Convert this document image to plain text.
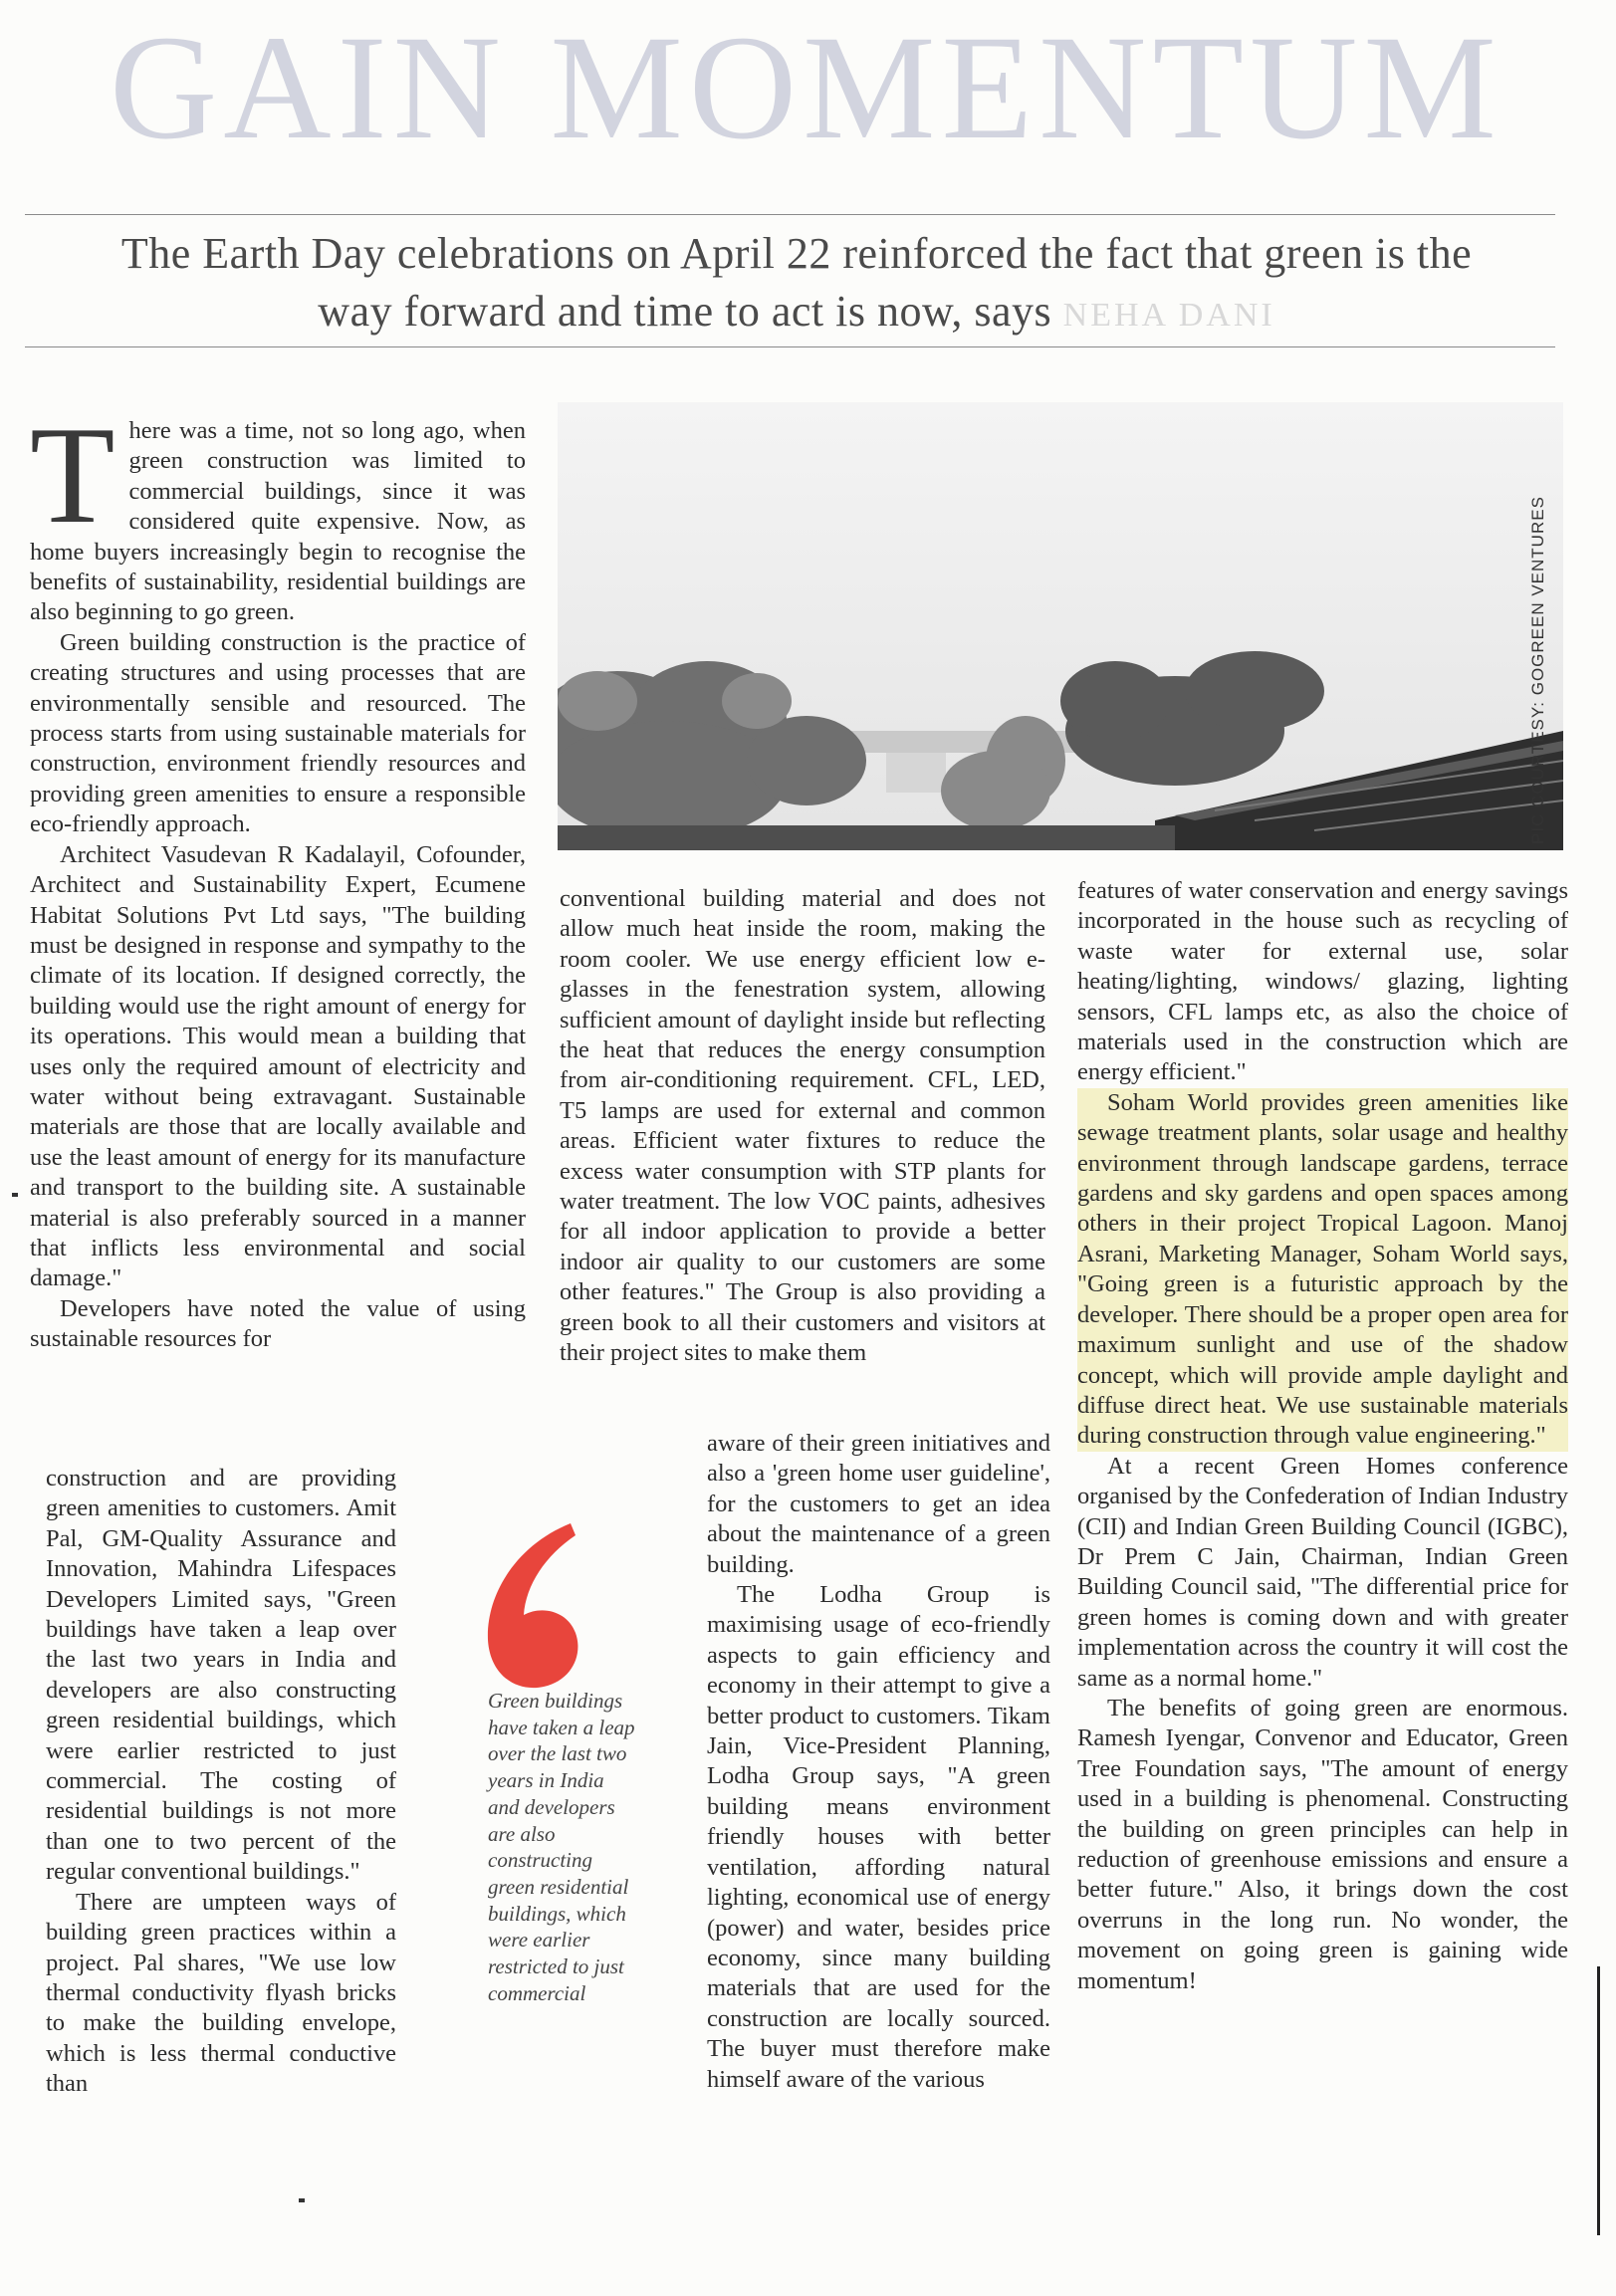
GAIN MOMENTUM
The Earth Day celebrations on April 22 reinforced the fact that green is the
way forward and time to act is now, says NEHA DANI
PIC COURTESY: GOGREEN VENTURES
T here was a time, not so long ago, when green construction was limited to commercial buildings, since it was considered quite expensive. Now, as home buyers increasingly begin to recognise the benefits of sustainability, residential buildings are also beginning to go green.

Green building construction is the practice of creating structures and using processes that are environmentally sensible and resourced. The process starts from using sustainable materials for construction, environment friendly resources and providing green amenities to ensure a responsible eco-friendly approach.

Architect Vasudevan R Kadalayil, Cofounder, Architect and Sustainability Expert, Ecumene Habitat Solutions Pvt Ltd says, "The building must be designed in response and sympathy to the climate of its location. If designed correctly, the building would use the right amount of energy for its operations. This would mean a building that uses only the required amount of electricity and water without being extravagant. Sustainable materials are those that are locally available and use the least amount of energy for its manufacture and transport to the building site. A sustainable material is also preferably sourced in a manner that inflicts less environmental and social damage."

Developers have noted the value of using sustainable resources for

construction and are providing green amenities to customers. Amit Pal, GM-Quality Assurance and Innovation, Mahindra Lifespaces Developers Limited says, "Green buildings have taken a leap over the last two years in India and developers are also constructing green residential buildings, which were earlier restricted to just commercial. The costing of residential buildings is not more than one to two percent of the regular conventional buildings."

There are umpteen ways of building green practices within a project. Pal shares, "We use low thermal conductivity flyash bricks to make the building envelope, which is less thermal conductive than

Green buildings have taken a leap over the last two years in India and developers are also constructing green residential buildings, which were earlier restricted to just commercial

conventional building material and does not allow much heat inside the room, making the room cooler. We use energy efficient low e-glasses in the fenestration system, allowing sufficient amount of daylight inside but reflecting the heat that reduces the energy consumption from air-conditioning requirement. CFL, LED, T5 lamps are used for external and common areas. Efficient water fixtures to reduce the excess water consumption with STP plants for water treatment. The low VOC paints, adhesives for all indoor application to provide a better indoor air quality to our customers are some other features." The Group is also providing a green book to all their customers and visitors at their project sites to make them

aware of their green initiatives and also a 'green home user guideline', for the customers to get an idea about the maintenance of a green building.

The Lodha Group is maximising usage of eco-friendly aspects to gain efficiency and economy in their attempt to give a better product to customers. Tikam Jain, Vice-President Planning, Lodha Group says, "A green building means environment friendly houses with better ventilation, affording natural lighting, economical use of energy (power) and water, besides price economy, since many building materials that are used for the construction are locally sourced. The buyer must therefore make himself aware of the various

features of water conservation and energy savings incorporated in the house such as recycling of waste water for external use, solar heating/lighting, windows/ glazing, lighting sensors, CFL lamps etc, as also the choice of materials used in the construction which are energy efficient."

Soham World provides green amenities like sewage treatment plants, solar usage and healthy environment through landscape gardens, terrace gardens and sky gardens and open spaces among others in their project Tropical Lagoon. Manoj Asrani, Marketing Manager, Soham World says, "Going green is a futuristic approach by the developer. There should be a proper open area for maximum sunlight and use of the shadow concept, which will provide ample daylight and diffuse direct heat. We use sustainable materials during construction through value engineering."

At a recent Green Homes conference organised by the Confederation of Indian Industry (CII) and Indian Green Building Council (IGBC), Dr Prem C Jain, Chairman, Indian Green Building Council said, "The differential price for green homes is coming down and with greater implementation across the country it will cost the same as a normal home."

The benefits of going green are enormous. Ramesh Iyengar, Convenor and Educator, Green Tree Foundation says, "The amount of energy used in a building is phenomenal. Constructing the building on green principles can help in reduction of greenhouse emissions and ensure a better future." Also, it brings down the cost overruns in the long run. No wonder, the movement on going green is gaining wide momentum!
